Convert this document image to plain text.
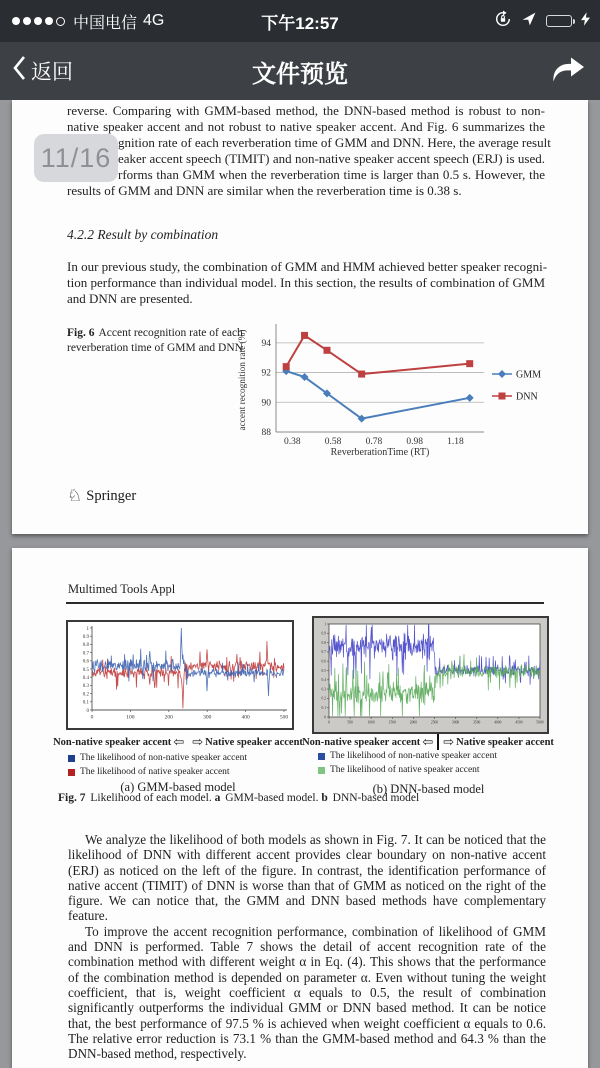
中国电信 4G	下午12:57
返回	文件预览
reverse. Comparing with GMM-based method, the DNN-based method is robust to non-
native speaker accent and not robust to native speaker accent. And Fig. 6 summarizes the
gnition rate of each reverberation time of GMM and DNN. Here, the average result
eaker accent speech (TIMIT) and non-native speaker accent speech (ERJ) is used.
rforms than GMM when the reverberation time is larger than 0.5 s. However, the
results of GMM and DNN are similar when the reverberation time is 0.38 s.
4.2.2 Result by combination
In our previous study, the combination of GMM and HMM achieved better speaker recogni-
tion performance than individual model. In this section, the results of combination of GMM
and DNN are presented.
Fig. 6 Accent recognition rate of each reverberation time of GMM and DNN
88
90
92
94
0.38	0.58	0.78	0.98	1.18
ReverberationTime (RT)
accent recognition rate (%)	GMM
DNN
♘ Springer
11/16
Multimed Tools Appl
0
0.1
0.2
0.3
0.4
0.5
0.6
0.7
0.8
0.9
1
0	100	200	300	400	500	0
0.1
0.2
0.3
0.4
0.5
0.6
0.7
0.8
0.9
1
0	500	1000	1500	2000	2500	3000	3500	4000	4500	5000
Non-native speaker accent ⇦ ⇨ Native speaker accent Non-native speaker accent ⇦ ⇨ Native speaker accent
The likelihood of non-native speaker accent
The likelihood of native speaker accent
The likelihood of non-native speaker accent
The likelihood of native speaker accent
(a) GMM-based model	(b) DNN-based model
Fig. 7 Likelihood of each model. a GMM-based model. b DNN-based model

We analyze the likelihood of both models as shown in Fig. 7. It can be noticed that the likelihood of DNN with different accent provides clear boundary on non-native accent (ERJ) as noticed on the left of the figure. In contrast, the identification performance of native accent (TIMIT) of DNN is worse than that of GMM as noticed on the right of the figure. We can notice that, the GMM and DNN based methods have complementary feature.

To improve the accent recognition performance, combination of likelihood of GMM and DNN is performed. Table 7 shows the detail of accent recognition rate of the combination method with different weight α in Eq. (4). This shows that the performance of the combination method is depended on parameter α. Even without tuning the weight coefficient, that is, weight coefficient α equals to 0.5, the result of combination significantly outperforms the individual GMM or DNN based method. It can be notice that, the best performance of 97.5 % is achieved when weight coefficient α equals to 0.6. The relative error reduction is 73.1 % than the GMM-based method and 64.3 % than the DNN-based method, respectively.
